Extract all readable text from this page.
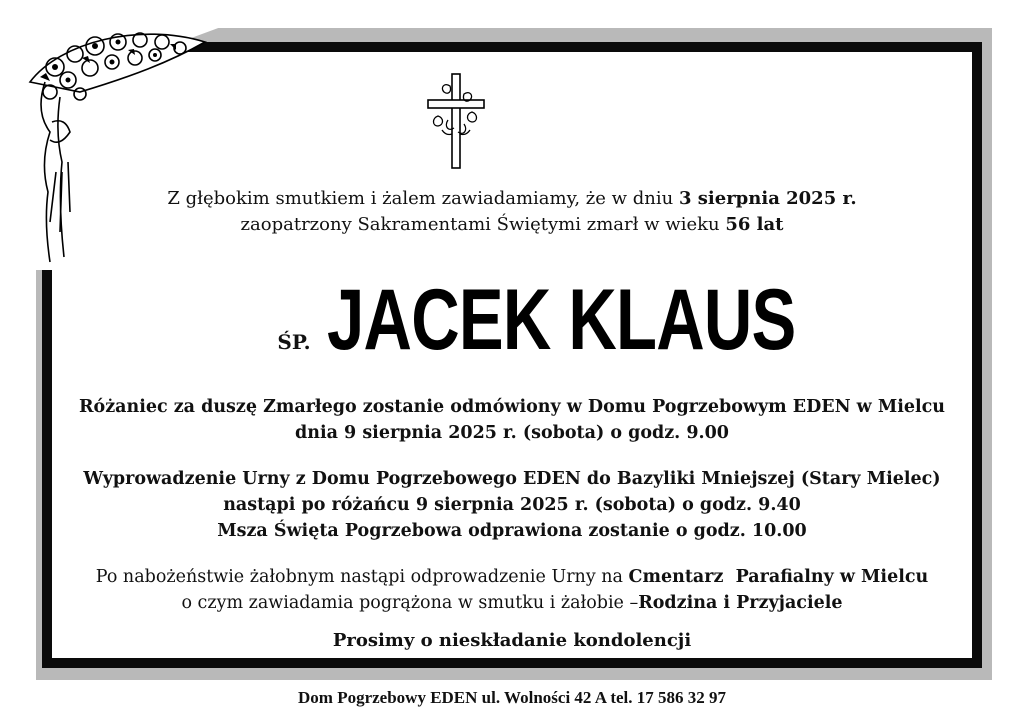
Z głębokim smutkiem i żalem zawiadamiamy, że w dniu 3 sierpnia 2025 r.
zaopatrzony Sakramentami Świętymi zmarł w wieku 56 lat
ŚP. JACEK KLAUS
Różaniec za duszę Zmarłego zostanie odmówiony w Domu Pogrzebowym EDEN w Mielcu
dnia 9 sierpnia 2025 r. (sobota) o godz. 9.00
Wyprowadzenie Urny z Domu Pogrzebowego EDEN do Bazyliki Mniejszej (Stary Mielec)
nastąpi po różańcu 9 sierpnia 2025 r. (sobota) o godz. 9.40
Msza Święta Pogrzebowa odprawiona zostanie o godz. 10.00
Po nabożeństwie żałobnym nastąpi odprowadzenie Urny na Cmentarz  Parafialny w Mielcu
o czym zawiadamia pogrążona w smutku i żałobie –Rodzina i Przyjaciele
Prosimy o nieskładanie kondolencji
Dom Pogrzebowy EDEN ul. Wolności 42 A tel. 17 586 32 97
